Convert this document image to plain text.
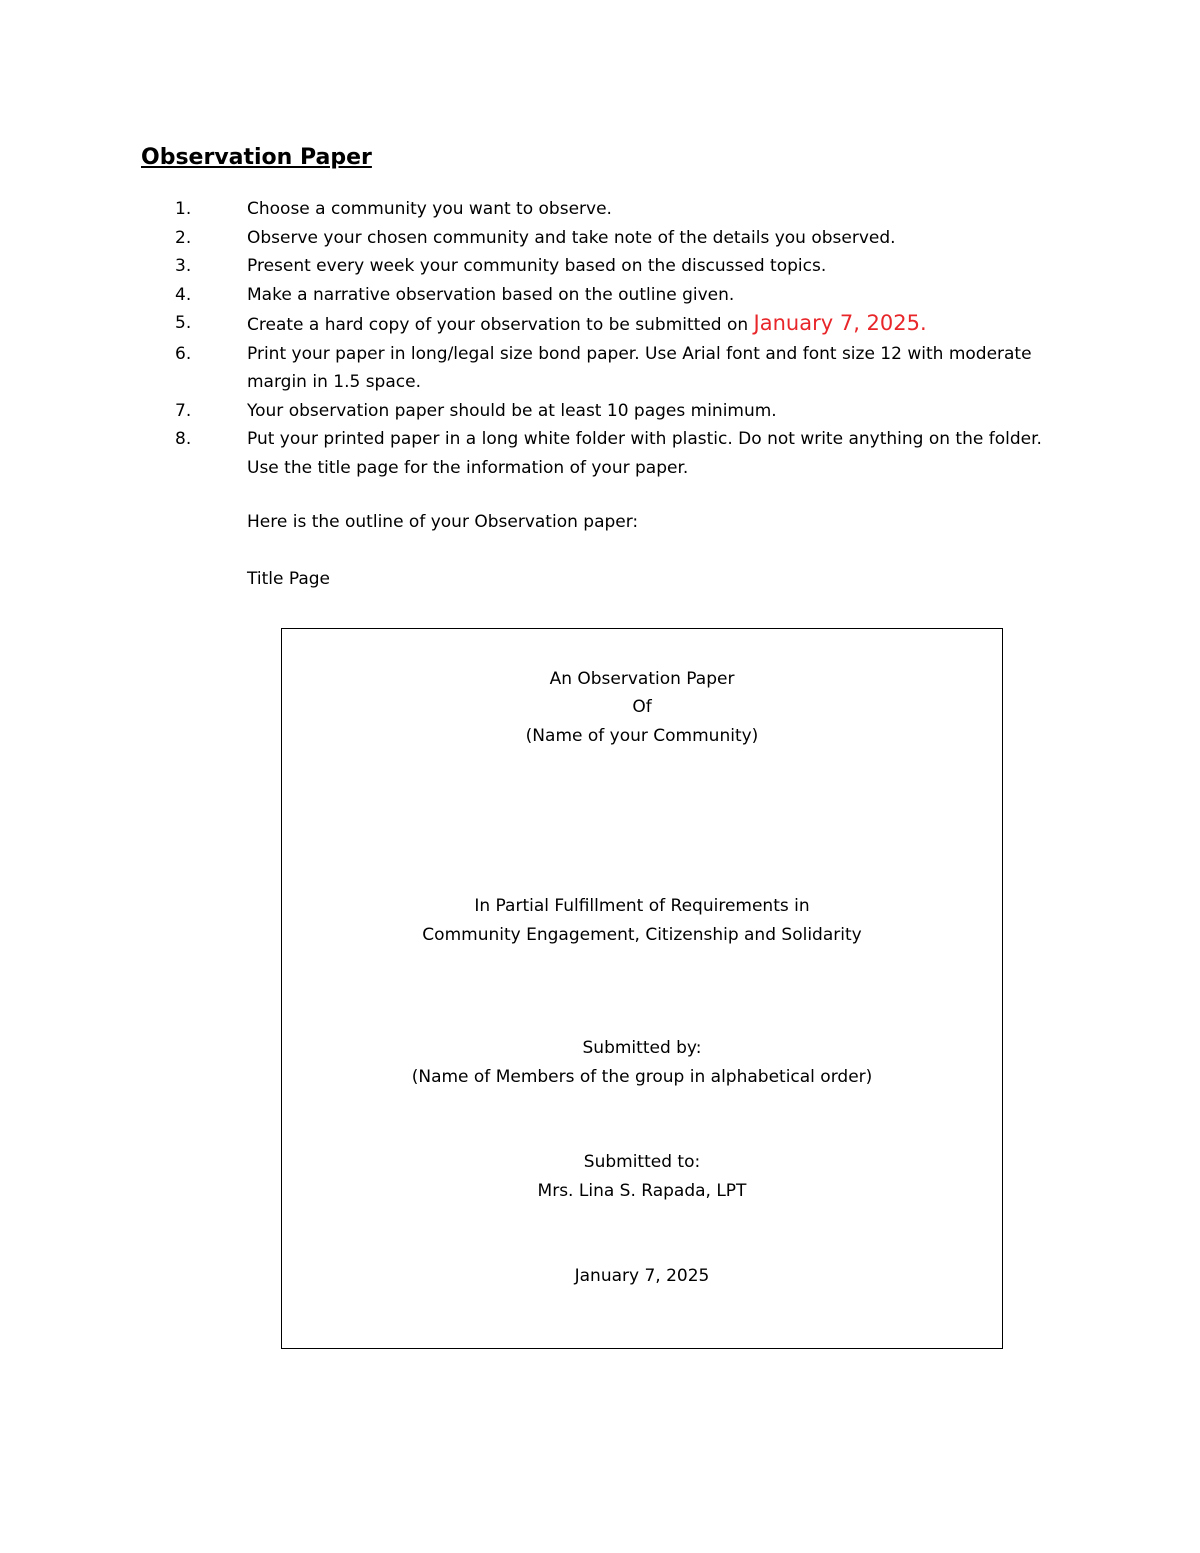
Observation Paper
1.	Choose a community you want to observe.
2.	Observe your chosen community and take note of the details you observed.
3.	Present every week your community based on the discussed topics.
4.	Make a narrative observation based on the outline given.
5.	Create a hard copy of your observation to be submitted on January 7, 2025.
6.	Print your paper in long/legal size bond paper. Use Arial font and font size 12 with moderate margin in 1.5 space.
7.	Your observation paper should be at least 10 pages minimum.
8.	Put your printed paper in a long white folder with plastic. Do not write anything on the folder. Use the title page for the information of your paper.
Here is the outline of your Observation paper:
Title Page
An Observation Paper
Of
(Name of your Community)
In Partial Fulfillment of Requirements in
Community Engagement, Citizenship and Solidarity
Submitted by:
(Name of Members of the group in alphabetical order)
Submitted to:
Mrs. Lina S. Rapada, LPT
January 7, 2025
